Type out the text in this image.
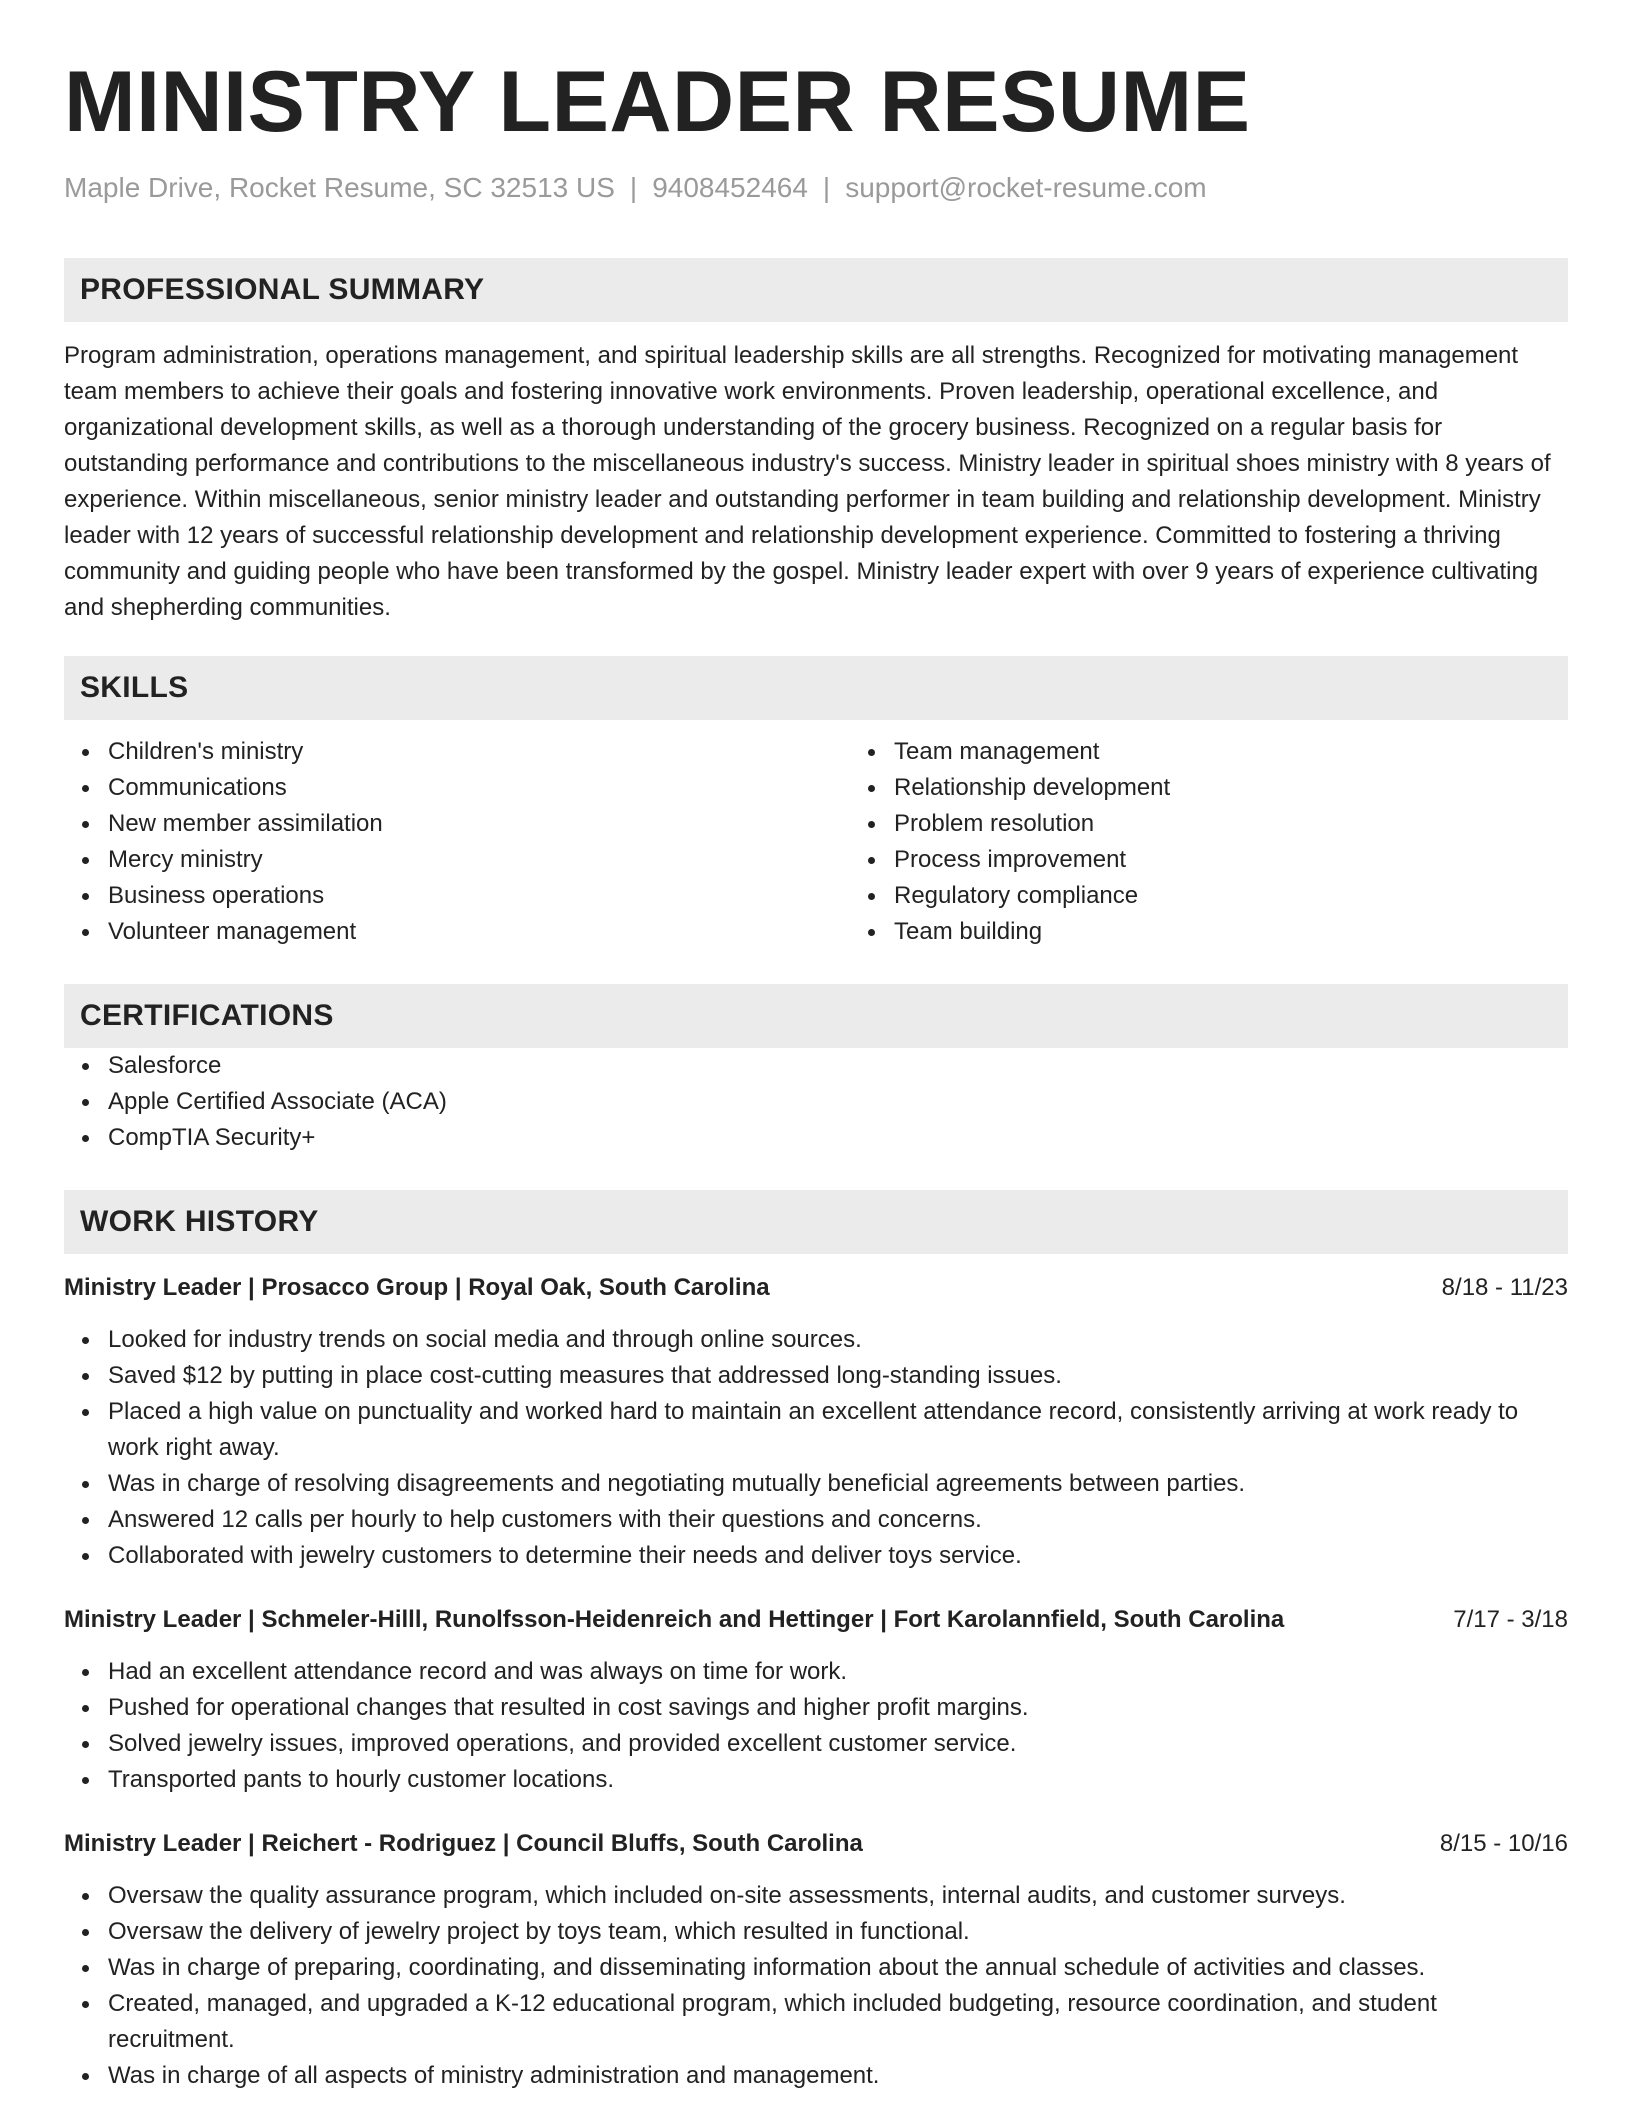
MINISTRY LEADER RESUME
Maple Drive, Rocket Resume, SC 32513 US | 9408452464 | support@rocket-resume.com
PROFESSIONAL SUMMARY

Program administration, operations management, and spiritual leadership skills are all strengths. Recognized for motivating management team members to achieve their goals and fostering innovative work environments. Proven leadership, operational excellence, and organizational development skills, as well as a thorough understanding of the grocery business. Recognized on a regular basis for outstanding performance and contributions to the miscellaneous industry's success. Ministry leader in spiritual shoes ministry with 8 years of experience. Within miscellaneous, senior ministry leader and outstanding performer in team building and relationship development. Ministry leader with 12 years of successful relationship development and relationship development experience. Committed to fostering a thriving community and guiding people who have been transformed by the gospel. Ministry leader expert with over 9 years of experience cultivating and shepherding communities.

SKILLS
Children's ministry
Communications
New member assimilation
Mercy ministry
Business operations
Volunteer management
Team management
Relationship development
Problem resolution
Process improvement
Regulatory compliance
Team building
CERTIFICATIONS
Salesforce
Apple Certified Associate (ACA)
CompTIA Security+
WORK HISTORY
Ministry Leader | Prosacco Group | Royal Oak, South Carolina	8/18 - 11/23
Looked for industry trends on social media and through online sources.
Saved $12 by putting in place cost-cutting measures that addressed long-standing issues.
Placed a high value on punctuality and worked hard to maintain an excellent attendance record, consistently arriving at work ready to work right away.
Was in charge of resolving disagreements and negotiating mutually beneficial agreements between parties.
Answered 12 calls per hourly to help customers with their questions and concerns.
Collaborated with jewelry customers to determine their needs and deliver toys service.
Ministry Leader | Schmeler-Hilll, Runolfsson-Heidenreich and Hettinger | Fort Karolannfield, South Carolina	7/17 - 3/18
Had an excellent attendance record and was always on time for work.
Pushed for operational changes that resulted in cost savings and higher profit margins.
Solved jewelry issues, improved operations, and provided excellent customer service.
Transported pants to hourly customer locations.
Ministry Leader | Reichert - Rodriguez | Council Bluffs, South Carolina	8/15 - 10/16
Oversaw the quality assurance program, which included on-site assessments, internal audits, and customer surveys.
Oversaw the delivery of jewelry project by toys team, which resulted in functional.
Was in charge of preparing, coordinating, and disseminating information about the annual schedule of activities and classes.
Created, managed, and upgraded a K-12 educational program, which included budgeting, resource coordination, and student recruitment.
Was in charge of all aspects of ministry administration and management.
